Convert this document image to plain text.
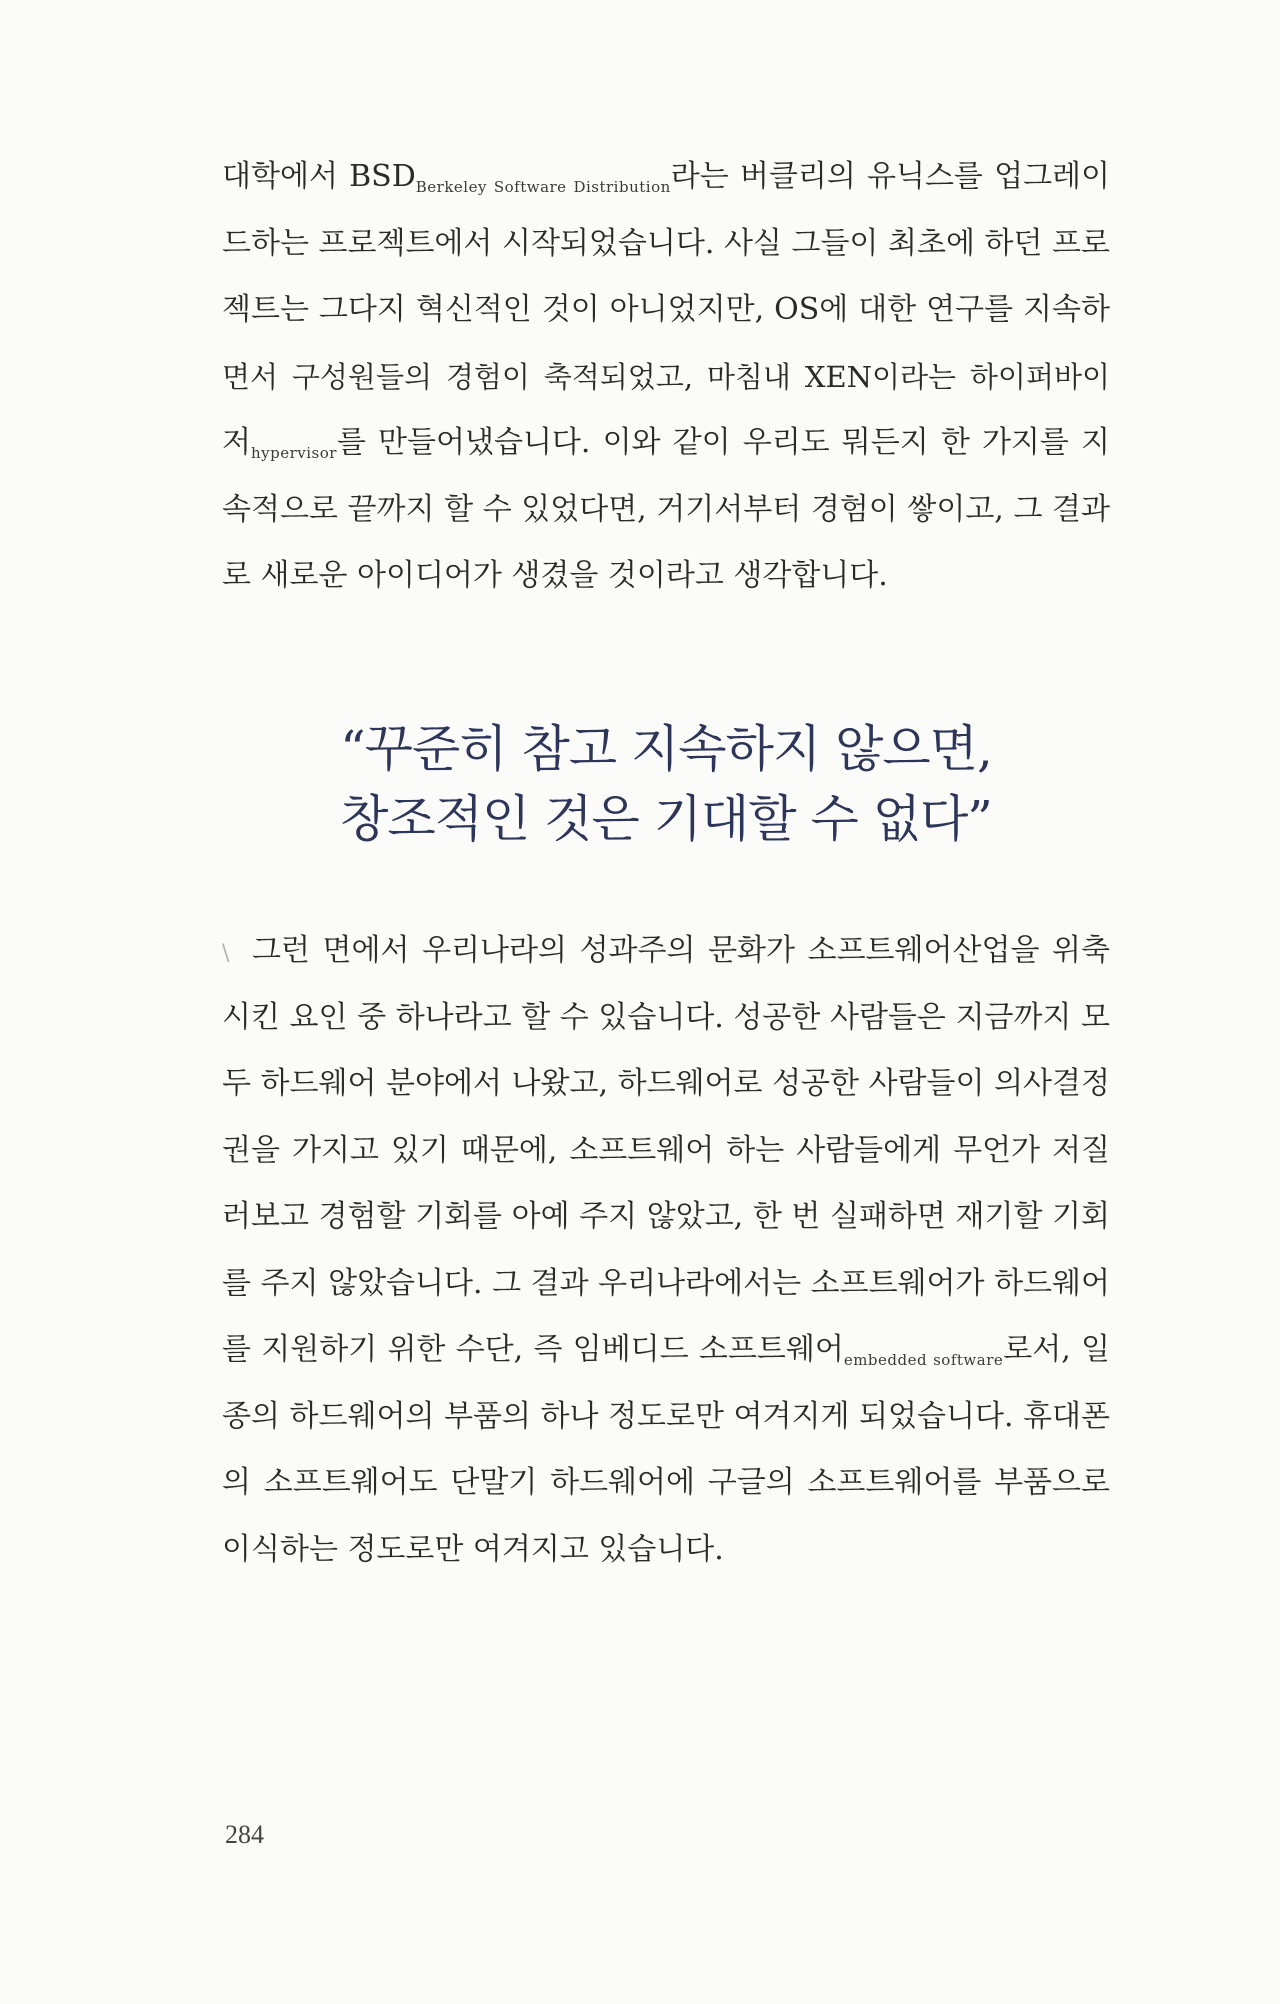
대학에서 $BSD_{Berkeley Software Distribution}$라는 버클리의 유닉스를 업그레이
드하는 프로젝트에서 시작되었습니다. 사실 그들이 최초에 하던 프로
젝트는 그다지 혁신적인 것이 아니었지만, OS에 대한 연구를 지속하
면서 구성원들의 경험이 축적되었고, 마침내 XEN이라는 하이퍼바이
저$_{hypervisor}$를 만들어냈습니다. 이와 같이 우리도 뭐든지 한 가지를 지
속적으로 끝까지 할 수 있었다면, 거기서부터 경험이 쌓이고, 그 결과
로 새로운 아이디어가 생겼을 것이라고 생각합니다.
“꾸준히 참고 지속하지 않으면,
창조적인 것은 기대할 수 없다”
\ 그런 면에서 우리나라의 성과주의 문화가 소프트웨어산업을 위축
시킨 요인 중 하나라고 할 수 있습니다. 성공한 사람들은 지금까지 모
두 하드웨어 분야에서 나왔고, 하드웨어로 성공한 사람들이 의사결정
권을 가지고 있기 때문에, 소프트웨어 하는 사람들에게 무언가 저질
러보고 경험할 기회를 아예 주지 않았고, 한 번 실패하면 재기할 기회
를 주지 않았습니다. 그 결과 우리나라에서는 소프트웨어가 하드웨어
를 지원하기 위한 수단, 즉 임베디드 소프트웨어$_{embedded software}$로서, 일
종의 하드웨어의 부품의 하나 정도로만 여겨지게 되었습니다. 휴대폰
의 소프트웨어도 단말기 하드웨어에 구글의 소프트웨어를 부품으로
이식하는 정도로만 여겨지고 있습니다.
284
